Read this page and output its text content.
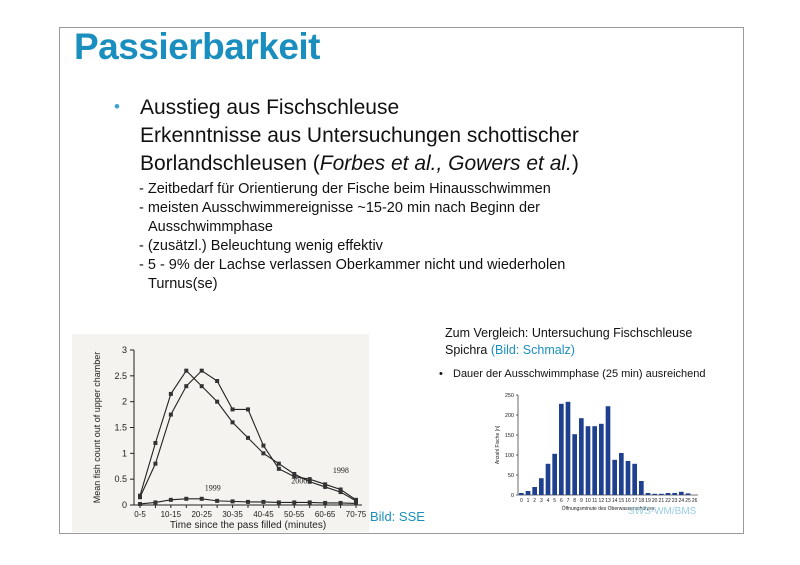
Passierbarkeit
• Ausstieg aus Fischschleuse
Erkenntnisse aus Untersuchungen schottischer
Borlandschleusen (Forbes et al., Gowers et al.)
- Zeitbedarf für Orientierung der Fische beim Hinausschwimmen
- meisten Ausschwimmereignisse ~15-20 min nach Beginn der
Ausschwimmphase
- (zusätzl.) Beleuchtung wenig effektiv
- 5 - 9% der Lachse verlassen Oberkammer nicht und wiederholen
Turnus(se)
0
0.5
1
1.5
2
2.5
3
0-5 10-15 20-25 30-35 40-45 50-55 60-65 70-75
Time since the pass filled (minutes)
Mean fish count out of upper chamber	1998
2000
1999
Bild: SSE
Zum Vergleich: Untersuchung Fischschleuse
Spichra (Bild: Schmalz)
• Dauer der Ausschwimmphase (25 min) ausreichend
0
50
100
150
200
250
0 1 2 3 4 5 6 7 8 9 10 11 12 13 14 15 16 17 18 19 20 21 22 23 24 25 26
Öffnungsminute des Oberwasserschützes
Anzahl Fische [n]
SWS-WM/BMS
